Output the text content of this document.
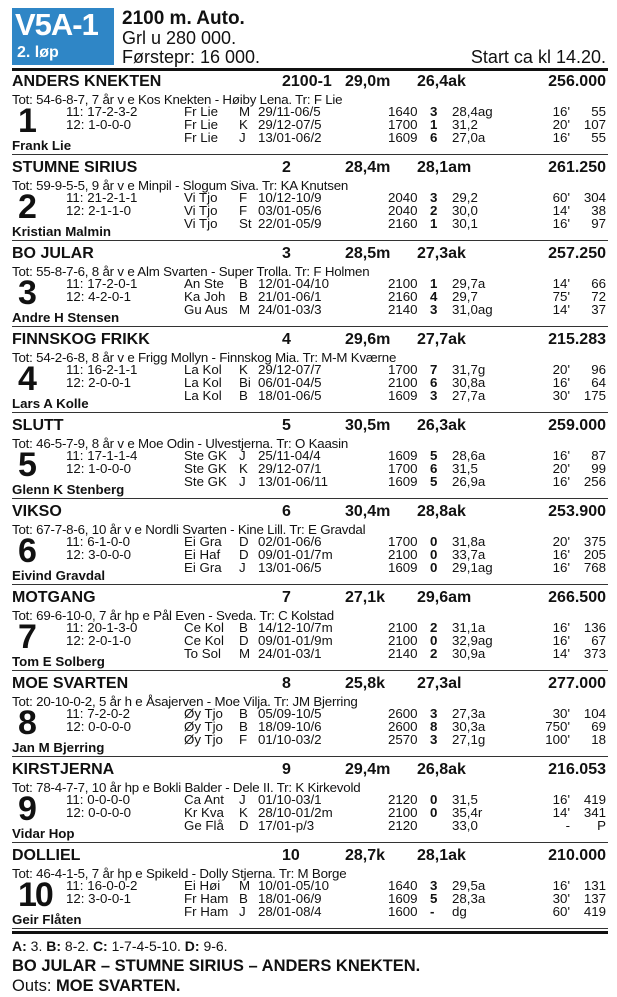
V5A-1
2. løp
2100 m. Auto.
Grl u 280 000.
Førstepr: 16 000.	Start ca kl 14.20.
ANDERS KNEKTEN	2100-1 29,0m 26,4ak	256.000
Tot: 54-6-8-7, 7 år v e Kos Knekten - Høiby Lena. Tr: F Lie
1 11: 17-2-3-2	Fr Lie M 29/11-06/5	1640 3 28,4ag	16' 55
12: 1-0-0-0	Fr Lie K 29/12-07/5	1700 1 31,2	20' 107
Fr Lie J 13/01-06/2	1609 6 27,0a	16' 55
Frank Lie
STUMNE SIRIUS	2	28,4m 28,1am	261.250
Tot: 59-9-5-5, 9 år v e Minpil - Slogum Siva. Tr: KA Knutsen
2 11: 21-2-1-1	Vi Tjo F 10/12-10/9	2040 3 29,2	60' 304
12: 2-1-1-0	Vi Tjo F 03/01-05/6	2040 2 30,0	14' 38
Vi Tjo St 22/01-05/9	2160 1 30,1	16' 97
Kristian Malmin
BO JULAR	3	28,5m 27,3ak	257.250
Tot: 55-8-7-6, 8 år v e Alm Svarten - Super Trolla. Tr: F Holmen
3 11: 17-2-0-1	An Ste B 12/01-04/10	2100 1 29,7a	14' 66
12: 4-2-0-1	Ka Joh B 21/01-06/1	2160 4 29,7	75' 72
Gu Aus M 24/01-03/3	2140 3 31,0ag	14' 37
Andre H Stensen
FINNSKOG FRIKK	4	29,6m 27,7ak	215.283
Tot: 54-2-6-8, 8 år v e Frigg Mollyn - Finnskog Mia. Tr: M-M Kværne
4 11: 16-2-1-1	La Kol K 29/12-07/7	1700 7 31,7g	20' 96
12: 2-0-0-1	La Kol Bi 06/01-04/5	2100 6 30,8a	16' 64
La Kol B 18/01-06/5	1609 3 27,7a	30' 175
Lars A Kolle
SLUTT	5	30,5m 26,3ak	259.000
Tot: 46-5-7-9, 8 år v e Moe Odin - Ulvestjerna. Tr: O Kaasin
5 11: 17-1-1-4	Ste GK J 25/11-04/4	1609 5 28,6a	16' 87
12: 1-0-0-0	Ste GK K 29/12-07/1	1700 6 31,5	20' 99
Ste GK J 13/01-06/11	1609 5 26,9a	16' 256
Glenn K Stenberg
VIKSO	6	30,4m 28,8ak	253.900
Tot: 67-7-8-6, 10 år v e Nordli Svarten - Kine Lill. Tr: E Gravdal
6 11: 6-1-0-0	Ei Gra D 02/01-06/6	1700 0 31,8a	20' 375
12: 3-0-0-0	Ei Haf D 09/01-01/7m	2100 0 33,7a	16' 205
Ei Gra J 13/01-06/5	1609 0 29,1ag	16' 768
Eivind Gravdal
MOTGANG	7	27,1k 29,6am	266.500
Tot: 69-6-10-0, 7 år hp e Pål Even - Sveda. Tr: C Kolstad
7 11: 20-1-3-0	Ce Kol B 14/12-10/7m	2100 2 31,1a	16' 136
12: 2-0-1-0	Ce Kol D 09/01-01/9m	2100 0 32,9ag	16' 67
To Sol M 24/01-03/1	2140 2 30,9a	14' 373
Tom E Solberg
MOE SVARTEN	8	25,8k 27,3al	277.000
Tot: 20-10-0-2, 5 år h e Åsajerven - Moe Vilja. Tr: JM Bjerring
8 11: 7-2-0-2	Øy Tjo B 05/09-10/5	2600 3 27,3a	30' 104
12: 0-0-0-0	Øy Tjo B 18/09-10/6	2600 8 30,3a	750' 69
Øy Tjo F 01/10-03/2	2570 3 27,1g	100' 18
Jan M Bjerring
KIRSTJERNA	9	29,4m 26,8ak	216.053
Tot: 78-4-7-7, 10 år hp e Bokli Balder - Dele II. Tr: K Kirkevold
9 11: 0-0-0-0	Ca Ant J 01/10-03/1	2120 0 31,5	16' 419
12: 0-0-0-0	Kr Kva K 28/10-01/2m	2100 0 35,4r	14' 341
Ge Flå D 17/01-p/3	2120	33,0	- P
Vidar Hop
DOLLIEL	10	28,7k 28,1ak	210.000
Tot: 46-4-1-5, 7 år hp e Spikeld - Dolly Stjerna. Tr: M Borge
10 11: 16-0-0-2	Ei Høi M 10/01-05/10	1640 3 29,5a	16' 131
12: 3-0-0-1	Fr Ham B 18/01-06/9	1609 5 28,3a	30' 137
Fr Ham J 28/01-08/4	1600 - dg	60' 419
Geir Flåten
A: 3. B: 8-2. C: 1-7-4-5-10. D: 9-6.
BO JULAR – STUMNE SIRIUS – ANDERS KNEKTEN.
Outs: MOE SVARTEN.
